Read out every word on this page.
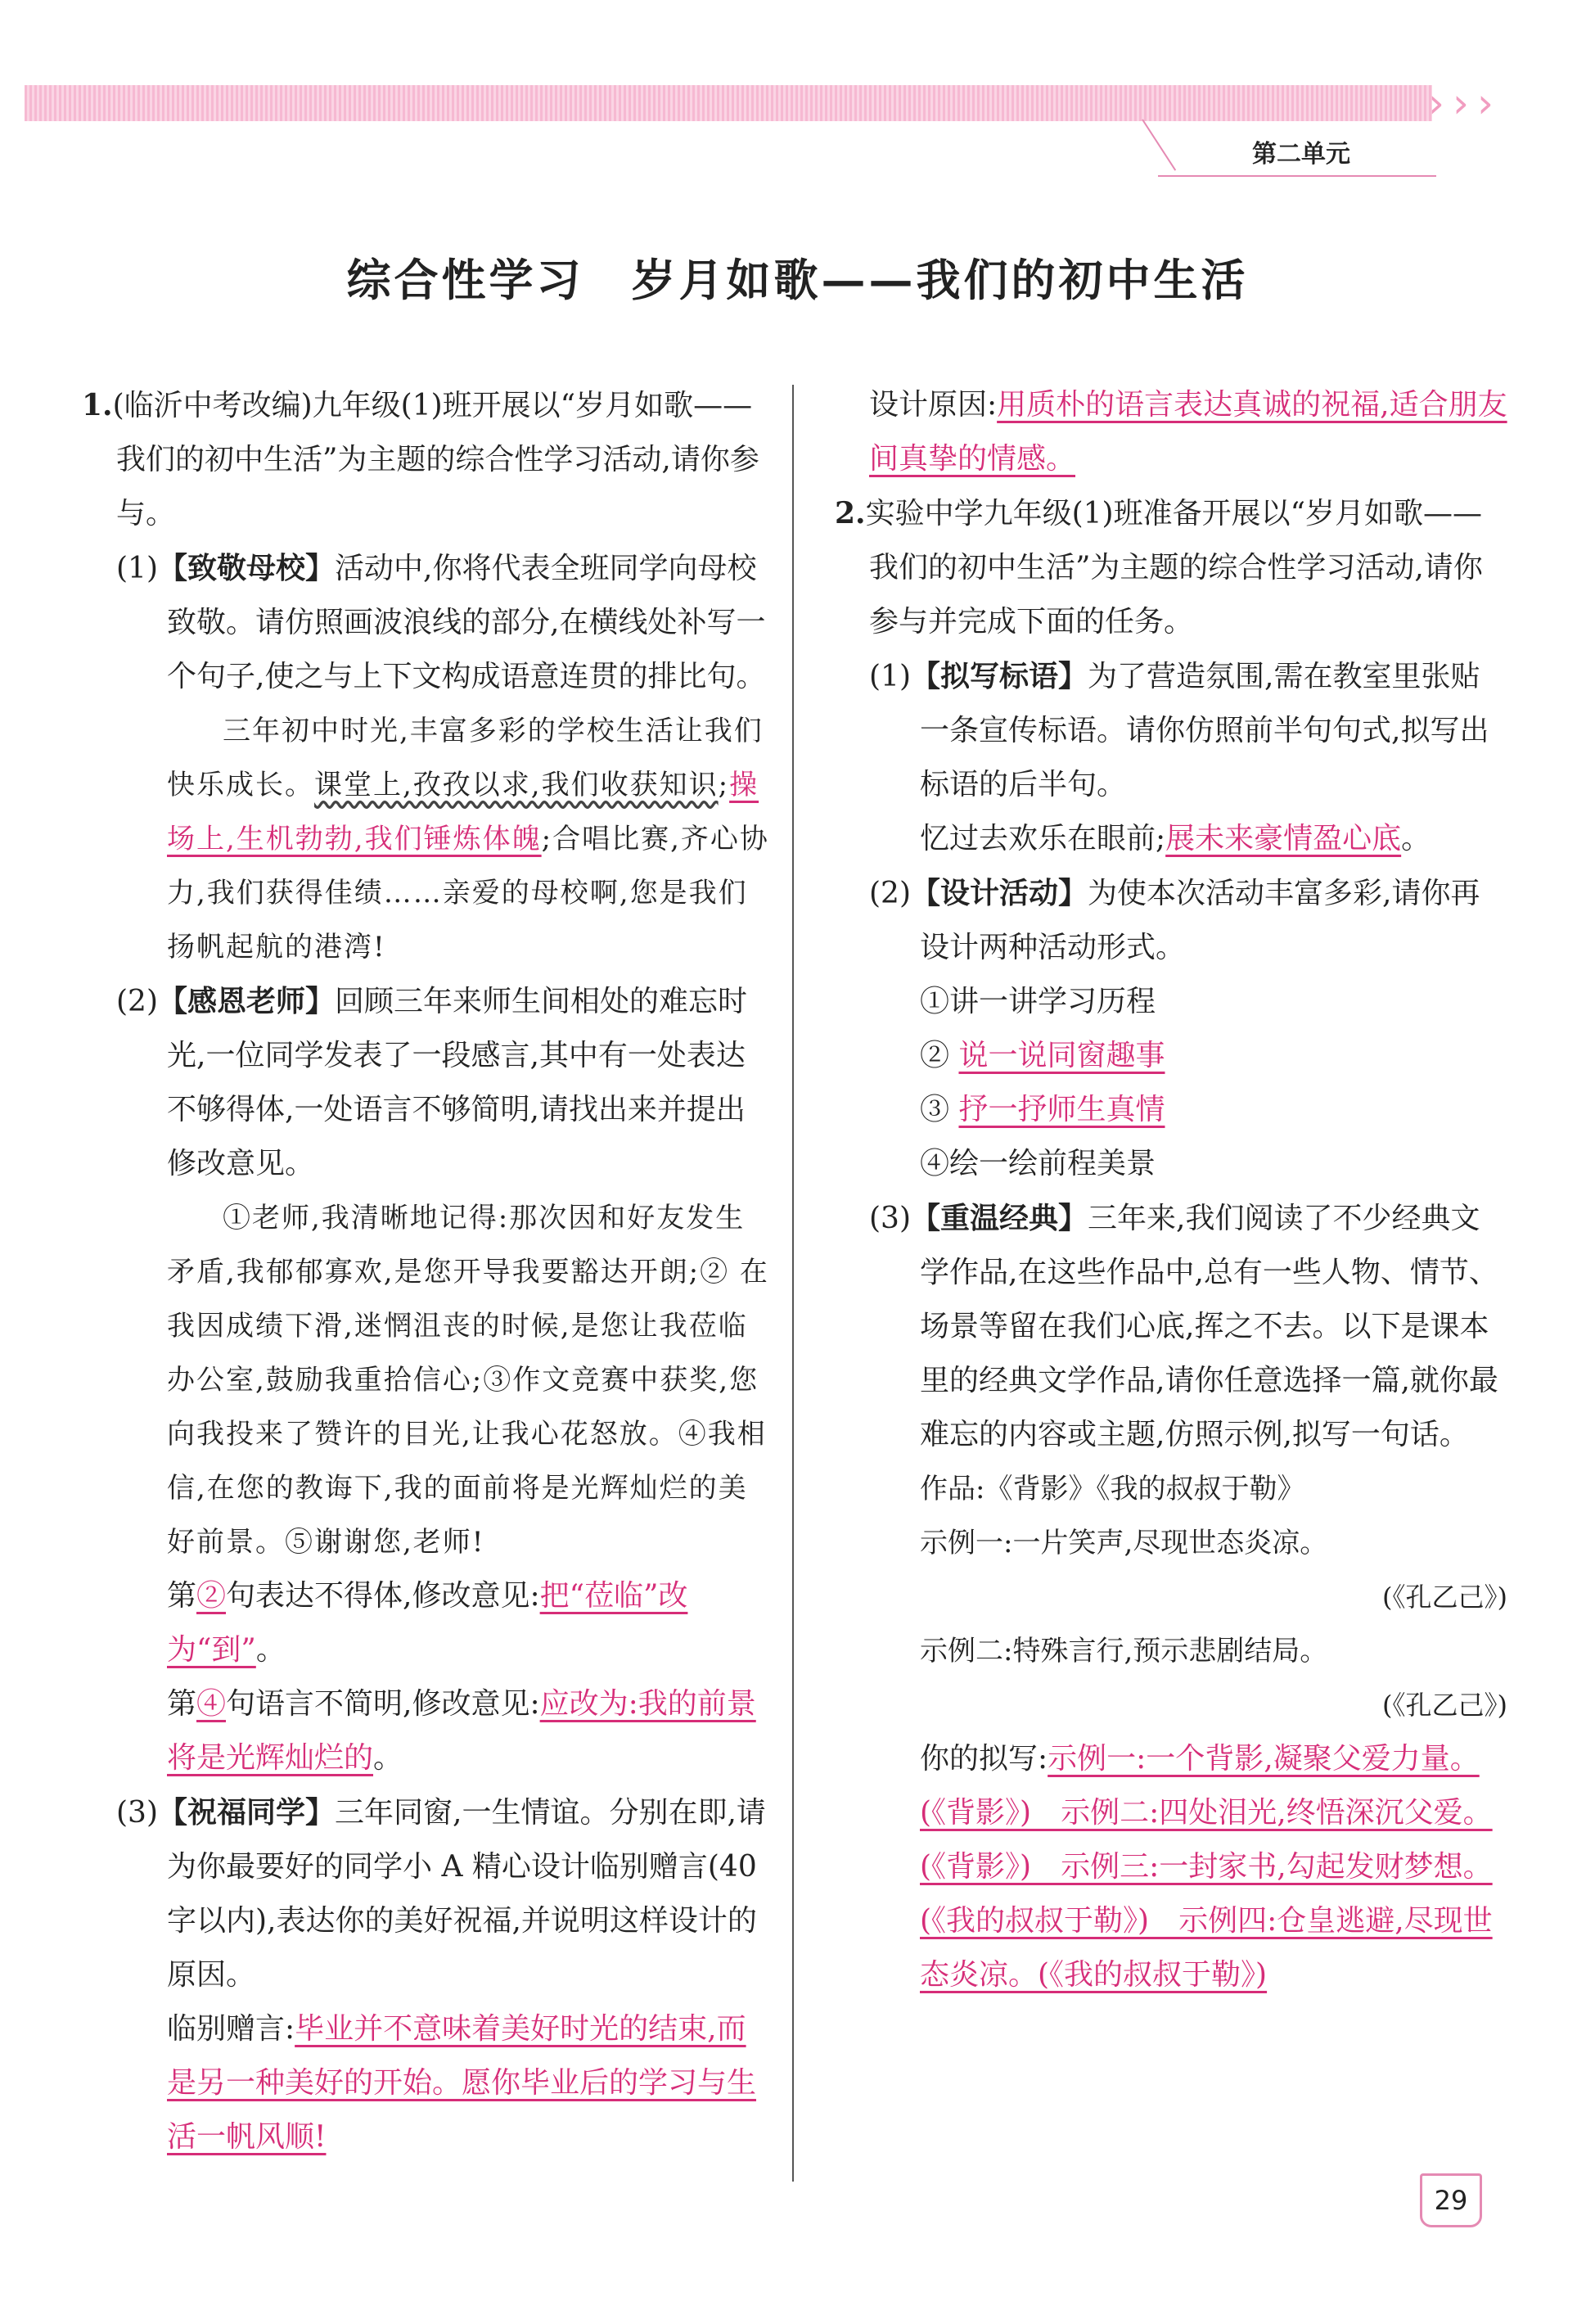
› › ›
第二单元
综合性学习　岁月如歌——我们的初中生活

1.(临沂中考改编)九年级(1)班开展以“岁月如歌——我们的初中生活”为主题的综合性学习活动,请你参与。

(1)【致敬母校】活动中,你将代表全班同学向母校致敬。请仿照画波浪线的部分,在横线处补写一个句子,使之与上下文构成语意连贯的排比句。

三年初中时光,丰富多彩的学校生活让我们快乐成长。课堂上,孜孜以求,我们收获知识;操场上,生机勃勃,我们锤炼体魄;合唱比赛,齐心协力,我们获得佳绩……亲爱的母校啊,您是我们扬帆起航的港湾!

(2)【感恩老师】回顾三年来师生间相处的难忘时光,一位同学发表了一段感言,其中有一处表达不够得体,一处语言不够简明,请找出来并提出修改意见。

①老师,我清晰地记得:那次因和好友发生矛盾,我郁郁寡欢,是您开导我要豁达开朗;② 在我因成绩下滑,迷惘沮丧的时候,是您让我莅临办公室,鼓励我重拾信心;③作文竞赛中获奖,您向我投来了赞许的目光,让我心花怒放。④我相信,在您的教诲下,我的面前将是光辉灿烂的美好前景。⑤谢谢您,老师!

第②句表达不得体,修改意见:把“莅临”改为“到”。

第④句语言不简明,修改意见:应改为:我的前景将是光辉灿烂的。

(3)【祝福同学】三年同窗,一生情谊。分别在即,请为你最要好的同学小 A 精心设计临别赠言(40 字以内),表达你的美好祝福,并说明这样设计的原因。

临别赠言:毕业并不意味着美好时光的结束,而是另一种美好的开始。愿你毕业后的学习与生活一帆风顺!

设计原因:用质朴的语言表达真诚的祝福,适合朋友间真挚的情感。

2.实验中学九年级(1)班准备开展以“岁月如歌——我们的初中生活”为主题的综合性学习活动,请你参与并完成下面的任务。

(1)【拟写标语】为了营造氛围,需在教室里张贴一条宣传标语。请你仿照前半句句式,拟写出标语的后半句。

忆过去欢乐在眼前;展未来豪情盈心底。

(2)【设计活动】为使本次活动丰富多彩,请你再设计两种活动形式。

①讲一讲学习历程

② 说一说同窗趣事

③ 抒一抒师生真情

④绘一绘前程美景

(3)【重温经典】三年来,我们阅读了不少经典文学作品,在这些作品中,总有一些人物、情节、场景等留在我们心底,挥之不去。以下是课本里的经典文学作品,请你任意选择一篇,就你最难忘的内容或主题,仿照示例,拟写一句话。

作品:《背影》《我的叔叔于勒》

示例一:一片笑声,尽现世态炎凉。

(《孔乙己》)

示例二:特殊言行,预示悲剧结局。

(《孔乙己》)

你的拟写:示例一:一个背影,凝聚父爱力量。(《背影》)　示例二:四处泪光,终悟深沉父爱。(《背影》)　示例三:一封家书,勾起发财梦想。(《我的叔叔于勒》)　示例四:仓皇逃避,尽现世态炎凉。(《我的叔叔于勒》)

29
